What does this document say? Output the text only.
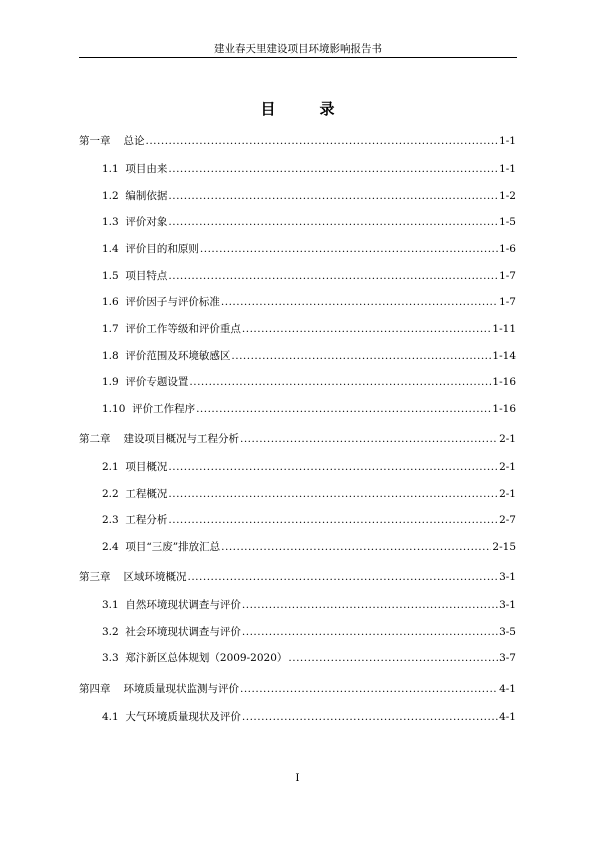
建业春天里建设项目环境影响报告书
目	录
第一章 总论 .....	1-1
1.1 项目由来 .....	1-1
1.2 编制依据 .....	1-2
1.3 评价对象 .....	1-5
1.4 评价目的和原则 .....	1-6
1.5 项目特点 .....	1-7
1.6 评价因子与评价标准 .....	1-7
1.7 评价工作等级和评价重点 .....	1-11
1.8 评价范围及环境敏感区 .....	1-14
1.9 评价专题设置 .....	1-16
1.10 评价工作程序 .....	1-16
第二章 建设项目概况与工程分析 .....	2-1
2.1 项目概况 .....	2-1
2.2 工程概况 .....	2-1
2.3 工程分析 .....	2-7
2.4 项目“三废”排放汇总 .....	2-15
第三章 区域环境概况 .....	3-1
3.1 自然环境现状调查与评价 .....	3-1
3.2 社会环境现状调查与评价 .....	3-5
3.3 郑汴新区总体规划（2009-2020） .....	3-7
第四章 环境质量现状监测与评价 .....	4-1
4.1 大气环境质量现状及评价 .....	4-1
I
